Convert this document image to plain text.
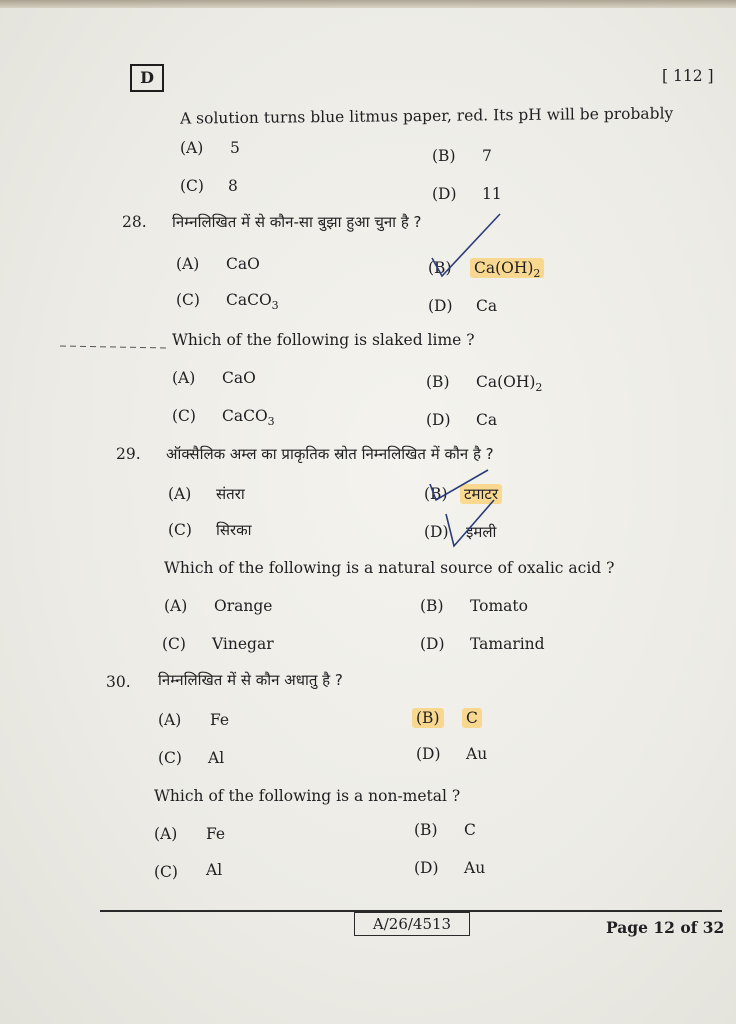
D	[ 112 ]
A solution turns blue litmus paper, red. Its pH will be probably
(A) 5	(B) 7
(C) 8	(D) 11
28. निम्नलिखित में से कौन-सा बुझा हुआ चुना है ?
(A) CaO	(B) $Ca(OH)_2$
(C) CaCO$_3$	(D) Ca
Which of the following is slaked lime ?
(A) CaO	(B) $Ca(OH)_2$
(C) CaCO$_3$	(D) Ca
29. ऑक्सैलिक अम्ल का प्राकृतिक स्रोत निम्नलिखित में कौन है ?
(A) संतरा	(B) टमाटर
(C) सिरका	(D) इमली
Which of the following is a natural source of oxalic acid ?
(A) Orange	(B) Tomato
(C) Vinegar	(D) Tamarind
30. निम्नलिखित में से कौन अधातु है ?
(A) Fe	(B) C
(C) Al	(D) Au
Which of the following is a non-metal ?
(A) Fe	(B) C
(C) Al	(D) Au
A/26/4513	Page 12 of 32
